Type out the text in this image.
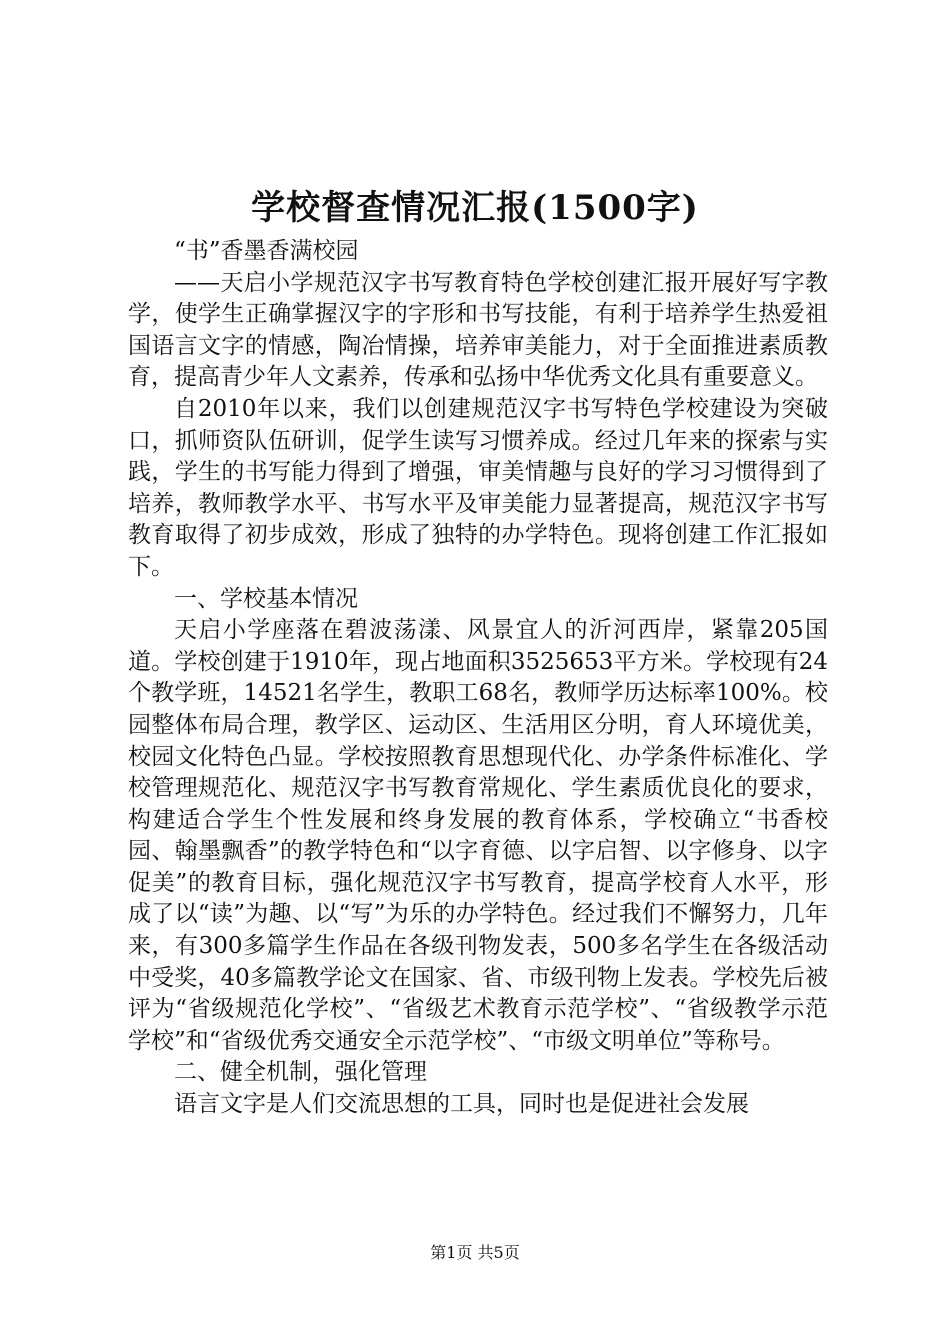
学校督查情况汇报(1500字)

“书”香墨香满校园

——天启小学规范汉字书写教育特色学校创建汇报开展好写字教学，使学生正确掌握汉字的字形和书写技能，有利于培养学生热爱祖国语言文字的情感，陶冶情操，培养审美能力，对于全面推进素质教育，提高青少年人文素养，传承和弘扬中华优秀文化具有重要意义。

自2010年以来，我们以创建规范汉字书写特色学校建设为突破口，抓师资队伍研训，促学生读写习惯养成。经过几年来的探索与实践，学生的书写能力得到了增强，审美情趣与良好的学习习惯得到了培养，教师教学水平、书写水平及审美能力显著提高，规范汉字书写教育取得了初步成效，形成了独特的办学特色。现将创建工作汇报如下。

一、学校基本情况

天启小学座落在碧波荡漾、风景宜人的沂河西岸，紧靠205国道。学校创建于1910年，现占地面积3525653平方米。学校现有24个教学班，14521名学生，教职工68名，教师学历达标率100%。校园整体布局合理，教学区、运动区、生活用区分明，育人环境优美，校园文化特色凸显。学校按照教育思想现代化、办学条件标准化、学校管理规范化、规范汉字书写教育常规化、学生素质优良化的要求，构建适合学生个性发展和终身发展的教育体系，学校确立“书香校园、翰墨飘香”的教学特色和“以字育德、以字启智、以字修身、以字促美”的教育目标，强化规范汉字书写教育，提高学校育人水平，形成了以“读”为趣、以“写”为乐的办学特色。经过我们不懈努力，几年来，有300多篇学生作品在各级刊物发表，500多名学生在各级活动中受奖，40多篇教学论文在国家、省、市级刊物上发表。学校先后被评为“省级规范化学校”、“省级艺术教育示范学校”、“省级教学示范学校”和“省级优秀交通安全示范学校”、“市级文明单位”等称号。

二、健全机制，强化管理

语言文字是人们交流思想的工具，同时也是促进社会发展

第1页 共5页
